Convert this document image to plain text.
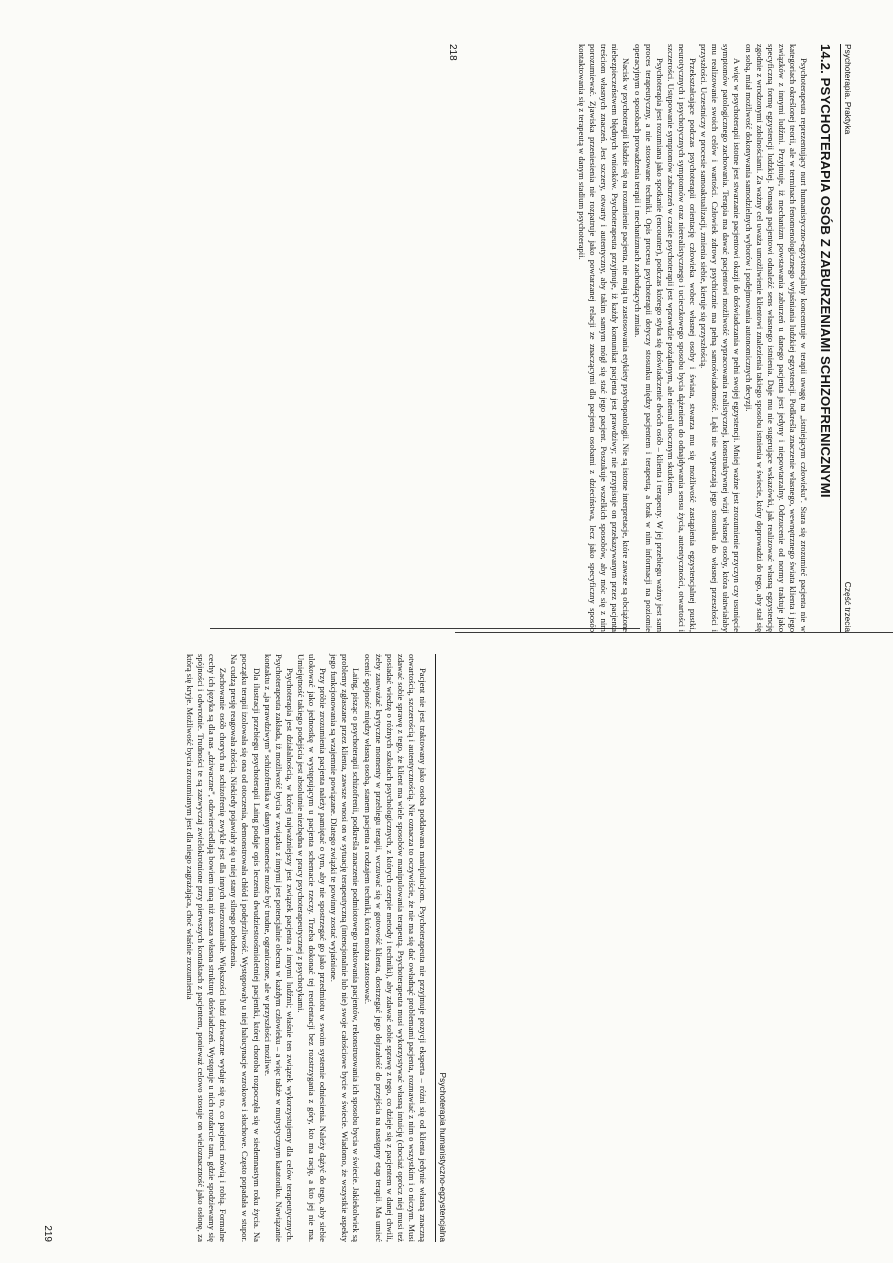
Psychoterapia. Praktyka
Część trzecia
14.2. PSYCHOTERAPIA OSÓB Z ZABURZENIAMI SCHIZOFRENICZNYMI

Psychoterapeuta reprezentujący nurt humanistyczno-egzystencjalny koncentruje w terapii uwagę na „istniejącym człowieku". Stara się zrozumieć pacjenta nie w kategoriach określonej teorii, ale w terminach fenomenologicznego wyjaśniania ludzkiej egzystencji. Podkreśla znaczenie własnego, wewnętrznego świata klienta i jego związków z innymi ludźmi. Przyjmuje, iż mechanizm powstawania zaburzeń u danego pacjenta jest jedyny i niepowtarzalny. Odrzucenie od normy traktuje jako specyficzną formę egzystencji ludzkiej. Pomaga pacjentowi odnaleźć sens własnego istnienia. Daje mu nie sugerujące wskazówki, jak realizować własną egzystencję zgodnie z wrodzonymi zdolnościami. Za ważny cel uważa umożliwienie klientowi znalezienia takiego sposobu istnienia w świecie, który doprowadzi do tego, aby stał się on sobą, miał możliwość dokonywania samodzielnych wyborów i podejmowania autonomicznych decyzji.

A więc w psychoterapii istotne jest stwarzanie pacjentowi okazji do doświadczania w pełni swojej egzystencji. Mniej ważne jest zrozumienie przyczyn czy usunięcie symptomów patologicznego zachowania. Terapia ma dawać pacjentowi możliwość wypracowania realistycznej, konstruktywnej wizji własnej osoby, która ułatwiałaby mu realizowanie swoich celów i wartości. Człowiek zdrowy psychicznie ma pełną samoświadomość. Lęki nie wypaczają jego stosunku do własnej przeszłości i przyszłości. Uczestniczy w procesie samoaktualizacji, zmienia siebie, kieruje się przyszłością.

Przekształcające podczas psychoterapii orientację człowieka wobec własnej osoby i świata, stwarza mu się możliwość zastąpienia egzystencjalnej pustki, neurotycznych i psychotycznych symptomów oraz nierealistycznego i ucieczkowego sposobu bycia dążeniem do odnajdywania sensu życia, autentyczności, otwartości i szczerości. Ustępowanie symptomów zaburzeń w czasie psychoterapii jest wprawdzie pożądanym, ale niemal ubocznym skutkiem.

Psychoterapia jest rozumiana jako spotkanie (encounter), podczas którego styka się doświadczenie dwóch osób – klienta i terapeuty. W jej przebiegu ważny jest sam proces terapeutyczny, a nie stosowane techniki. Opis procesu psychoterapii dotyczy stosunku między pacjentem i terapeutą, a brak w nim informacji na poziomie operacyjnym o sposobach prowadzenia terapii i mechanizmach zachodzących zmian.

Nacisk w psychoterapii kładzie się na rozumienie pacjenta, nie mają tu zastosowania etykiety psychopatologii. Nie są istotne interpretacje, które zawsze są obciążone niebezpieczeństwem błędnych wniosków. Psychoterapeuta przyjmuje, iż każdy komunikat pacjenta jest prawdziwy; nie przypisuje on przekazywanym przez pacjenta treściom własnych znaczeń. Jest szczery, otwarty i autentyczny, aby takim samym mógł się stać jego pacjent. Poszukuje wszelkich sposobów, aby móc się z nim porozumiewać. Zjawiska przeniesienia nie rozpatruje jako powtarzanej relacji ze znaczącymi dla pacjenta osobami z dzieciństwa, lecz jako specyficzny sposób kontaktowania się z terapeutą w danym stadium psychoterapii.

218
Psychoterapia humanistyczno-egzystencjalna

Pacjent nie jest traktowany jako osoba poddawana manipulacjom. Psychoterapeuta nie przyjmuje pozycji eksperta – różni się od klienta jedynie własną znaczną otwartością, szczerością i autentycznością. Nie oznacza to oczywiście, że nie ma się dać owładnąć problemami pacjenta, rozmawiać z nim o wszystkim i o niczym. Musi zdawać sobie sprawę z tego, że klient ma wiele sposobów manipulowania terapeutą. Psychoterapeuta musi wykorzystywać własną intuicję (chociaż oprócz niej musi też posiadać wiedzę o różnych szkołach psychologicznych, z których czerpie metody i techniki), aby zdawać sobie sprawę z tego, co dzieje się z pacjentem w danej chwili, żeby zauważać krytyczne momenty w przebiegu terapii, wczuwać się w gotowość klienta, dostrzegać jego dojrzałość do przejścia na następny etap terapii. Ma umieć ocenić spójność między własną osobą, stanem pacjenta a rodzajem techniki, która można zastosować.

Laing, pisząc o psychoterapii schizofrenii, podkreśla znaczenie podmiotowego traktowania pacjentów, rekonstruowania ich sposobu bycia w świecie. Jakiekolwiek są problemy zgłaszane przez klienta, zawsze wnosi on w sytuację terapeutyczną (intencjonalnie lub nie) swoje całościowe bycie w świecie. Wiadomo, że wszystkie aspekty jego funkcjonowania są wzajemnie powiązane. Dlatego związki te powinny zostać wyjaśnione.

Przy próbie zrozumienia pacjenta należy pamiętać o tym, aby nie spostrzegać go jako przedmiotu w swoim systemie odniesienia. Należy dążyć do tego, aby siebie ulokować jako jednostkę w występującym u pacjenta schemacie rzeczy. Trzeba dokonać tej reorientacji bez rozstrzygania z góry, kto ma rację, a kto jej nie ma. Umiejętność takiego podejścia jest absolutnie niezbędna w pracy psychoterapeutycznej z psychotykami.

Psychoterapia jest działalnością, w której najważniejszy jest związek pacjenta z innymi ludźmi; właśnie ten związek wykorzystujemy dla celów terapeutycznych. Psychoterapeuta zakłada, iż możliwość bycia w związku z innymi jest potencjalnie obecna w każdym człowieku – a więc także w mutystycznym katatoniku. Nawiązanie kontaktu z „ja prawdziwym" schizofrenika w danym momencie może być trudne, ograniczone, ale w przyszłości możliwe.

Dla ilustracji przebiegu psychoterapii Laing podaje opis leczenia dwudziestoośmioletniej pacjentki, której choroba rozpoczęła się w siedemnastym roku życia. Na początku terapii izolowała się ona od otoczenia, demonstrowała chłód i podejrzliwość. Występowały u niej halucynacje wzrokowe i słuchowe. Często popadała w stupor. Na cudzą presję reagowała złością. Niekiedy pojawiały się u niej stany silnego pobudzenia.

Zachowanie osób chorych na schizofrenię zwykle jest dla innych niezrozumiałe. Większości ludzi dziwaczne wydaje się to, co pacjenci mówią i robią. Formalne cechy ich języka są dla nas „dziwaczne", odzwierciedlają bowiem inną niż nasza własna strukturę doświadczeń. Występuje u nich rozdarcie tam, gdzie spodziewamy się spójności i odwrotnie. Trudności te są zazwyczaj zwielokrotnione przy pierwszych kontaktach z pacjentem, ponieważ celowo stosuje on wieloznaczność jako osłonę, za którą się kryje. Możliwość bycia zrozumianym jest dla niego zagrażająca, choć właśnie zrozumienia

219
